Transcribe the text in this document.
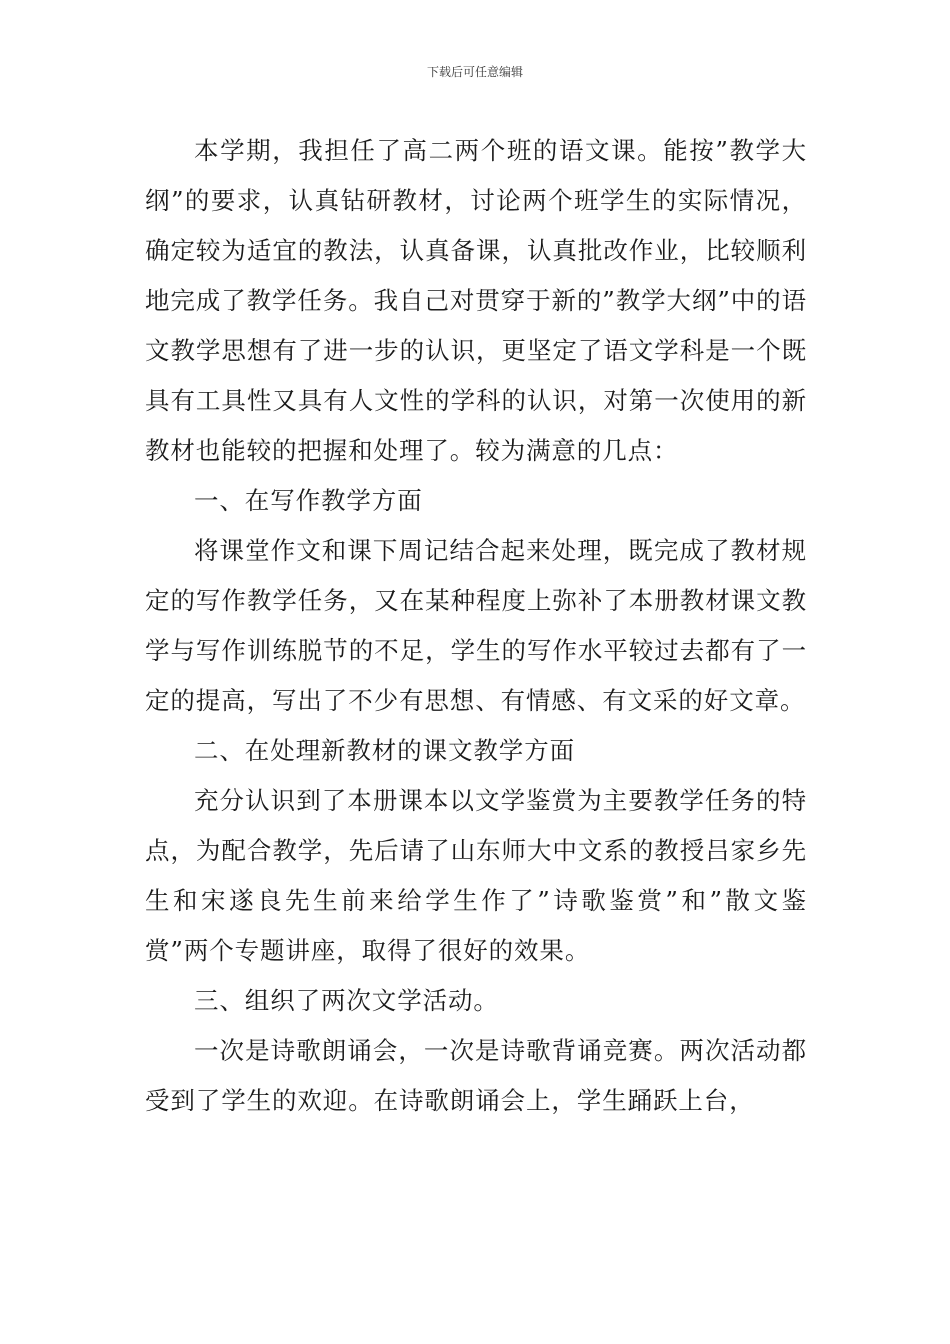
下载后可任意编辑

本学期，我担任了高二两个班的语文课。能按”教学大纲”的要求，认真钻研教材，讨论两个班学生的实际情况，确定较为适宜的教法，认真备课，认真批改作业，比较顺利地完成了教学任务。我自己对贯穿于新的”教学大纲”中的语文教学思想有了进一步的认识，更坚定了语文学科是一个既具有工具性又具有人文性的学科的认识，对第一次使用的新教材也能较的把握和处理了。较为满意的几点：

一、在写作教学方面

将课堂作文和课下周记结合起来处理，既完成了教材规定的写作教学任务，又在某种程度上弥补了本册教材课文教学与写作训练脱节的不足，学生的写作水平较过去都有了一定的提高，写出了不少有思想、有情感、有文采的好文章。

二、在处理新教材的课文教学方面

充分认识到了本册课本以文学鉴赏为主要教学任务的特点，为配合教学，先后请了山东师大中文系的教授吕家乡先生和宋遂良先生前来给学生作了”诗歌鉴赏”和”散文鉴赏”两个专题讲座，取得了很好的效果。

三、组织了两次文学活动。

一次是诗歌朗诵会，一次是诗歌背诵竞赛。两次活动都受到了学生的欢迎。在诗歌朗诵会上，学生踊跃上台，
